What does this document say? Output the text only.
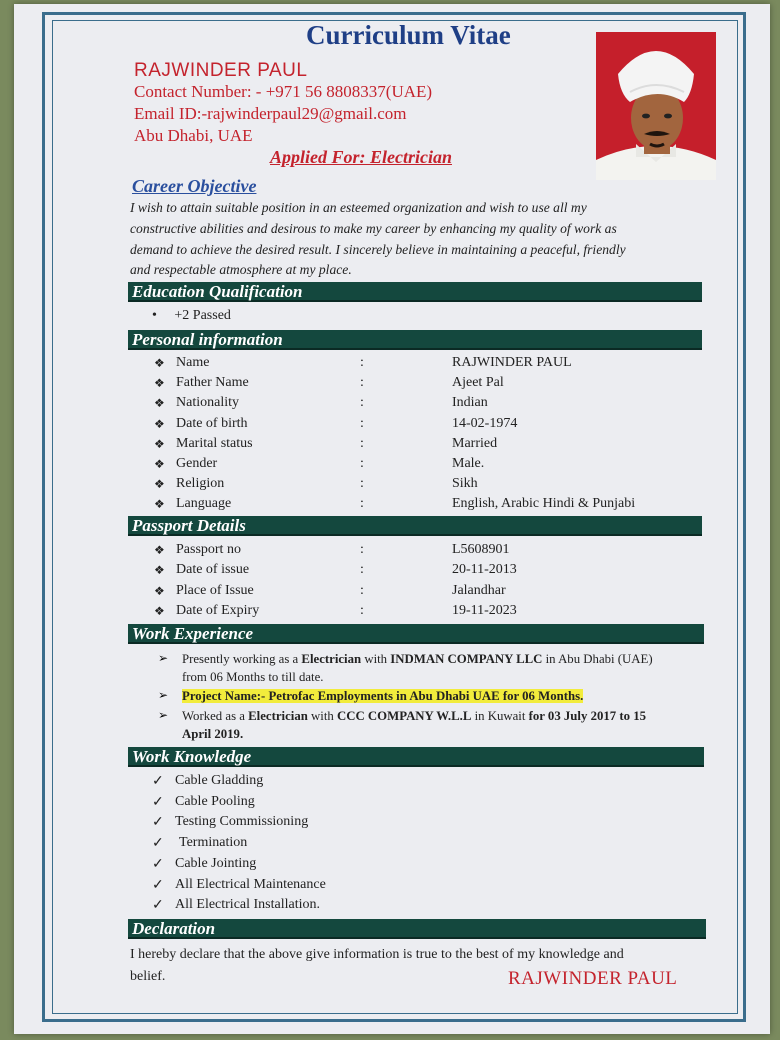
Curriculum Vitae
RAJWINDER PAUL
Contact Number: - +971 56 8808337(UAE)
Email ID:-rajwinderpaul29@gmail.com
Abu Dhabi, UAE
Applied For: Electrician
Career Objective
I wish to attain suitable position in an esteemed organization and wish to use all my
constructive abilities and desirous to make my career by enhancing my quality of work as
demand to achieve the desired result. I sincerely believe in maintaining a peaceful, friendly
and respectable atmosphere at my place.
Education Qualification
• +2 Passed
Personal information
❖ Name	:	RAJWINDER PAUL
❖ Father Name	:	Ajeet Pal
❖ Nationality	:	Indian
❖ Date of birth	:	14-02-1974
❖ Marital status	:	Married
❖ Gender	:	Male.
❖ Religion	:	Sikh
❖ Language	:	English, Arabic Hindi & Punjabi
Passport Details
❖ Passport no	:	L5608901
❖ Date of issue	:	20-11-2013
❖ Place of Issue	:	Jalandhar
❖ Date of Expiry	:	19-11-2023
Work Experience
➢ Presently working as a Electrician with INDMAN COMPANY LLC in Abu Dhabi (UAE)
from 06 Months to till date.
➢ Project Name:- Petrofac Employments in Abu Dhabi UAE for 06 Months.
➢ Worked as a Electrician with CCC COMPANY W.L.L in Kuwait for 03 July 2017 to 15
April 2019.
Work Knowledge
✓ Cable Gladding
✓ Cable Pooling
✓ Testing Commissioning
✓ Termination
✓ Cable Jointing
✓ All Electrical Maintenance
✓ All Electrical Installation.
Declaration
I hereby declare that the above give information is true to the best of my knowledge and
belief.	RAJWINDER PAUL
